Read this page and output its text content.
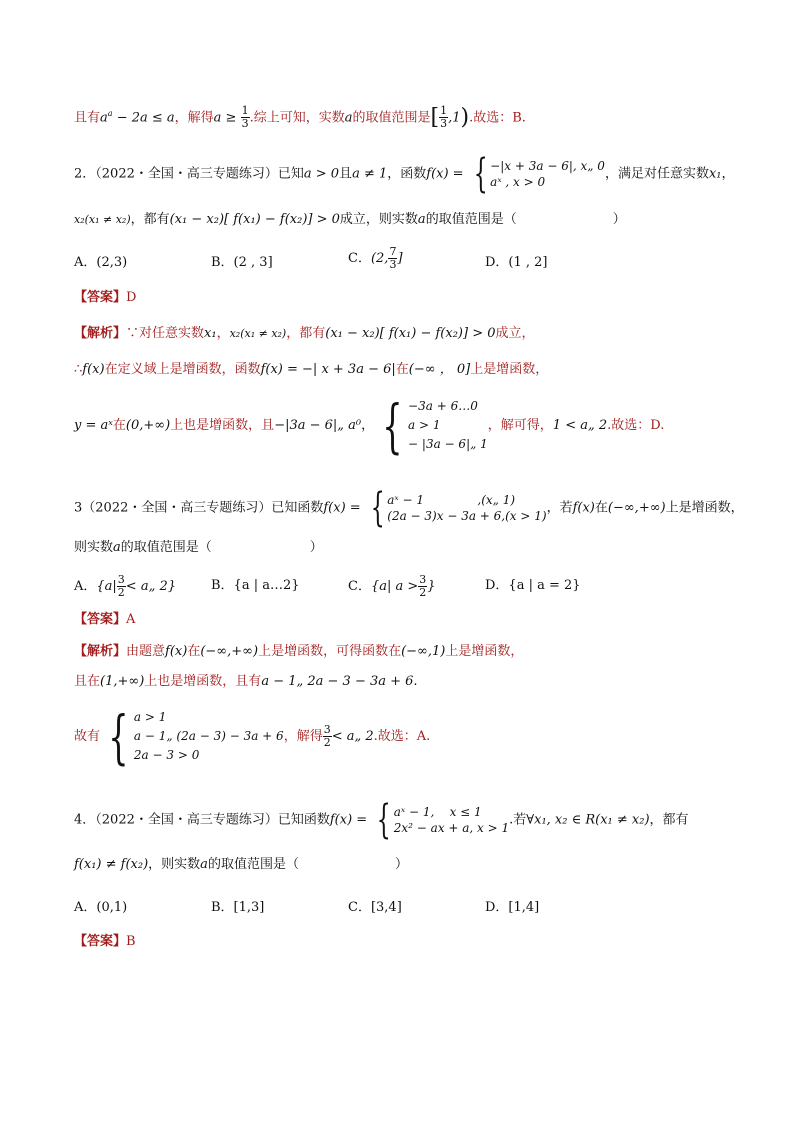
且有$a^a - 2a \le a$，解得$a \ge \frac{1}{3}$ .综上可知，实数a的取值范围是[ $\frac{1}{3} ,1$).故选：B.
2．（2022・全国・高三专题练习）已知a > 0且a ≠ 1，函数f(x) = { −|x + 3a − 6|, x„ 0
aˣ , x > 0
，满足对任意实数x₁，
x₂(x₁ ≠ x₂)，都有(x₁ − x₂)[ f(x₁) − f(x₂)] > 0成立，则实数a的取值范围是（	）
A．(2,3)	B．(2 , 3]	C．(2, $\frac{7}{3}$ ]	D．(1 , 2]
【答案】D
【解析】∵对任意实数x₁，x₂(x₁ ≠ x₂)，都有(x₁ − x₂)[ f(x₁) − f(x₂)] > 0成立，
∴f(x)在定义域上是增函数，函数f(x) = −| x + 3a − 6|在(−∞ ， 0]上是增函数，
y = aˣ在(0,+∞)上也是增函数，且−|3a − 6|„ a⁰， { −3a + 6…0
a > 1
− |3a − 6|„ 1
，解可得，1 < a„ 2.故选：D.
3（2022・全国・高三专题练习）已知函数f(x) = { aˣ − 1              ,(x„ 1)
(2a − 3)x − 3a + 6,(x > 1)
，若f(x)在(−∞,+∞)上是增函数，
则实数a的取值范围是（	）
A．{$a| \frac{3}{2}$ < a„ 2}	B．{a | a…2}	C．{a| $a > \frac{3}{2}$ }	D．{a | a = 2}
【答案】A
【解析】由题意f(x)在(−∞,+∞)上是增函数，可得函数在(−∞,1)上是增函数，
且在(1,+∞)上也是增函数，且有a − 1„ 2a − 3 − 3a + 6.
故有 { a > 1
a − 1„ (2a − 3) − 3a + 6
2a − 3 > 0
，解得 $\frac{3}{2}$ < a„ 2.故选：A.
4．（2022・全国・高三专题练习）已知函数f(x) = { aˣ − 1,    x ≤ 1
2x² − ax + a, x > 1
.若∀x₁, x₂ ∈ R(x₁ ≠ x₂)，都有
f(x₁) ≠ f(x₂)，则实数a的取值范围是（	）
A．(0,1)	B．[1,3]	C．[3,4]	D．[1,4]
【答案】B
